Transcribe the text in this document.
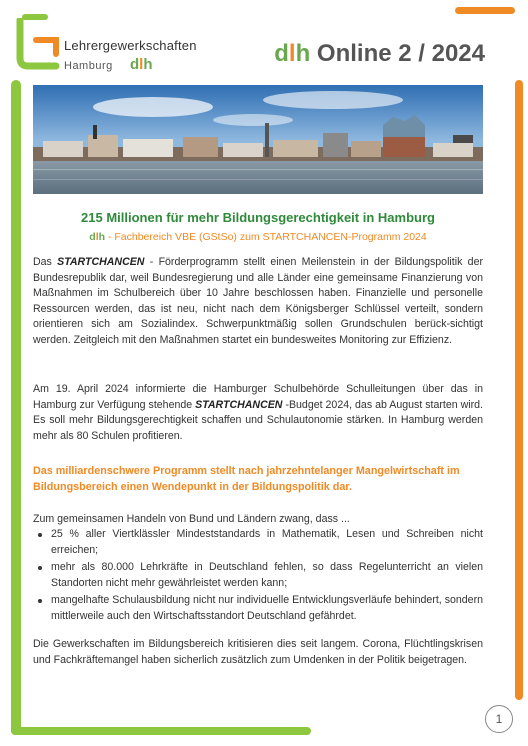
Lehrergewerkschaften
Hamburg dlh	dlh Online 2 / 2024
215 Millionen für mehr Bildungsgerechtigkeit in Hamburg
dlh - Fachbereich VBE (GStSo) zum STARTCHANCEN-Programm 2024
Das STARTCHANCEN - Förderprogramm stellt einen Meilenstein in der Bildungspolitik der Bundesrepublik dar, weil Bundesregierung und alle Länder eine gemeinsame Finanzierung von Maßnahmen im Schulbereich über 10 Jahre beschlossen haben. Finanzielle und personelle Ressourcen werden, das ist neu, nicht nach dem Königsberger Schlüssel verteilt, sondern orientieren sich am Sozialindex. Schwerpunktmäßig sollen Grundschulen berück-sichtigt werden. Zeitgleich mit den Maßnahmen startet ein bundesweites Monitoring zur Effizienz.
Am 19. April 2024 informierte die Hamburger Schulbehörde Schulleitungen über das in Hamburg zur Verfügung stehende STARTCHANCEN -Budget 2024, das ab August starten wird. Es soll mehr Bildungsgerechtigkeit schaffen und Schulautonomie stärken. In Hamburg werden mehr als 80 Schulen profitieren.
Das milliardenschwere Programm stellt nach jahrzehntelanger Mangelwirtschaft im Bildungsbereich einen Wendepunkt in der Bildungspolitik dar.
Zum gemeinsamen Handeln von Bund und Ländern zwang, dass ...
25 % aller Viertklässler Mindeststandards in Mathematik, Lesen und Schreiben nicht erreichen;
mehr als 80.000 Lehrkräfte in Deutschland fehlen, so dass Regelunterricht an vielen Standorten nicht mehr gewährleistet werden kann;
mangelhafte Schulausbildung nicht nur individuelle Entwicklungsverläufe behindert, sondern mittlerweile auch den Wirtschaftsstandort Deutschland gefährdet.
Die Gewerkschaften im Bildungsbereich kritisieren dies seit langem. Corona, Flüchtlingskrisen und Fachkräftemangel haben sicherlich zusätzlich zum Umdenken in der Politik beigetragen.
1
